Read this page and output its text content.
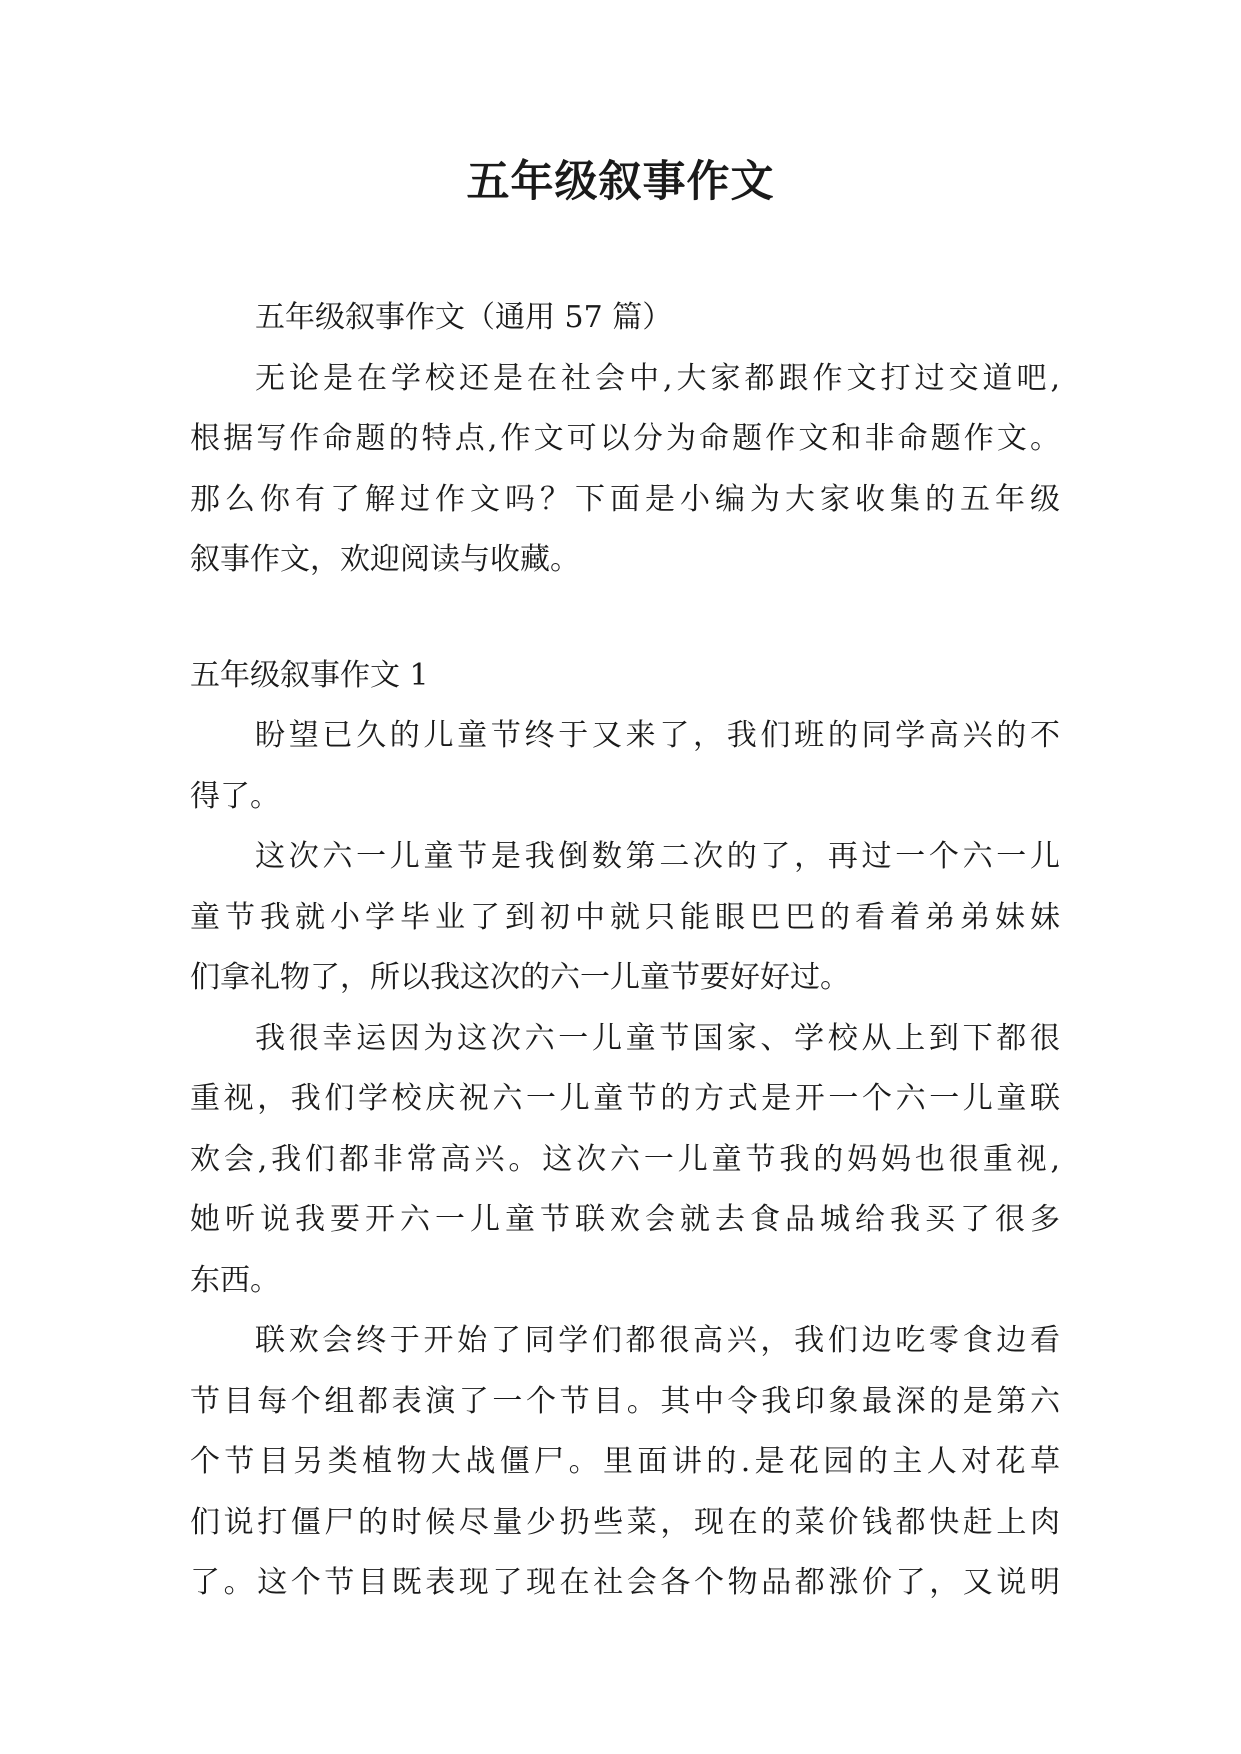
五年级叙事作文
五年级叙事作文（通用 57 篇）
无论是在学校还是在社会中,大家都跟作文打过交道吧,
根据写作命题的特点,作文可以分为命题作文和非命题作文。
那么你有了解过作文吗？下面是小编为大家收集的五年级
叙事作文，欢迎阅读与收藏。
五年级叙事作文 1
盼望已久的儿童节终于又来了，我们班的同学高兴的不
得了。
这次六一儿童节是我倒数第二次的了，再过一个六一儿
童节我就小学毕业了到初中就只能眼巴巴的看着弟弟妹妹
们拿礼物了，所以我这次的六一儿童节要好好过。
我很幸运因为这次六一儿童节国家、学校从上到下都很
重视，我们学校庆祝六一儿童节的方式是开一个六一儿童联
欢会,我们都非常高兴。这次六一儿童节我的妈妈也很重视,
她听说我要开六一儿童节联欢会就去食品城给我买了很多
东西。
联欢会终于开始了同学们都很高兴，我们边吃零食边看
节目每个组都表演了一个节目。其中令我印象最深的是第六
个节目另类植物大战僵尸。里面讲的.是花园的主人对花草
们说打僵尸的时候尽量少扔些菜，现在的菜价钱都快赶上肉
了。这个节目既表现了现在社会各个物品都涨价了，又说明
